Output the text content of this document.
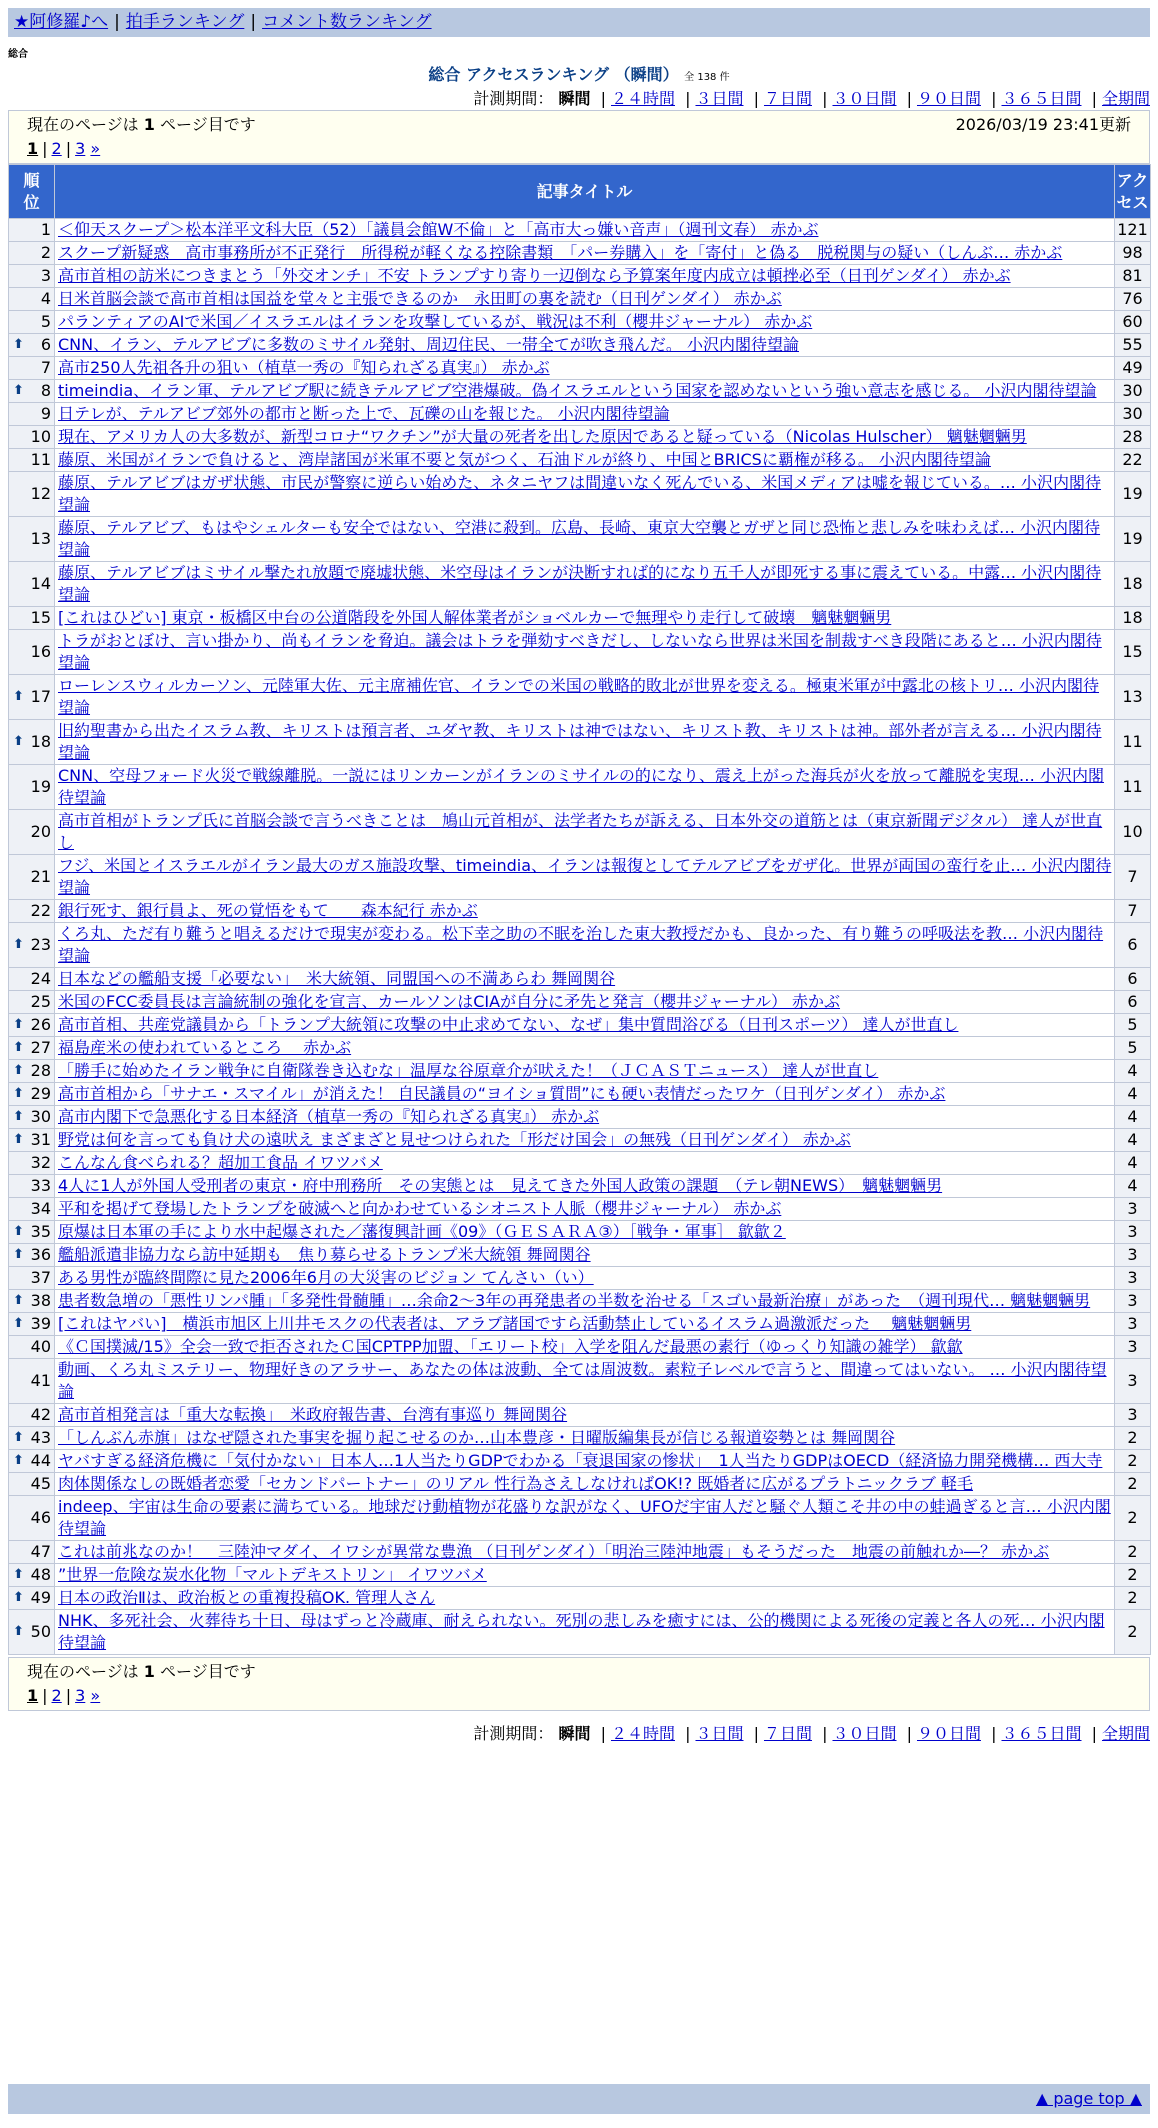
★阿修羅♪へ | 拍手ランキング | コメント数ランキング
総合
総合 アクセスランキング （瞬間） 全 138 件
計測期間： 瞬間 | ２４時間 | ３日間 | ７日間 | ３０日間 | ９０日間 | ３６５日間 | 全期間
現在のページは 1 ページ目です	2026/03/19 23:41更新
1 | 2 | 3 »
順位	記事タイトル	アクセス
1	＜仰天スクープ＞松本洋平文科大臣（52）「議員会館W不倫」と「高市大っ嫌い音声」（週刊文春） 赤かぶ	121
2	スクープ新疑惑　高市事務所が不正発行　所得税が軽くなる控除書類　「パー券購入」を「寄付」と偽る　脱税関与の疑い（しんぶ… 赤かぶ	98
3	高市首相の訪米につきまとう「外交オンチ」不安 トランプすり寄り一辺倒なら予算案年度内成立は頓挫必至（日刊ゲンダイ） 赤かぶ	81
4	日米首脳会談で高市首相は国益を堂々と主張できるのか　永田町の裏を読む（日刊ゲンダイ） 赤かぶ	76
5	パランティアのAIで米国／イスラエルはイランを攻撃しているが、戦況は不利（櫻井ジャーナル） 赤かぶ	60

⬆ 6	CNN、イラン、テルアビブに多数のミサイル発射、周辺住民、一帯全てが吹き飛んだ。 小沢内閣待望論	55
7	高市250人先祖各升の狙い（植草一秀の『知られざる真実』） 赤かぶ	49

⬆ 8	timeindia、イラン軍、テルアビブ駅に続きテルアビブ空港爆破。偽イスラエルという国家を認めないという強い意志を感じる。 小沢内閣待望論	30
9	日テレが、テルアビブ郊外の都市と断った上で、瓦礫の山を報じた。 小沢内閣待望論	30
10	現在、アメリカ人の大多数が、新型コロナ“ワクチン”が大量の死者を出した原因であると疑っている（Nicolas Hulscher） 魑魅魍魎男	28
11	藤原、米国がイランで負けると、湾岸諸国が米軍不要と気がつく、石油ドルが終り、中国とBRICSに覇権が移る。 小沢内閣待望論	22
12	藤原、テルアビブはガザ状態、市民が警察に逆らい始めた、ネタニヤフは間違いなく死んでいる、米国メディアは嘘を報じている。… 小沢内閣待望論	19
13	藤原、テルアビブ、もはやシェルターも安全ではない、空港に殺到。広島、長崎、東京大空襲とガザと同じ恐怖と悲しみを味わえば… 小沢内閣待望論	19
14	藤原、テルアビブはミサイル撃たれ放題で廃墟状態、米空母はイランが決断すれば的になり五千人が即死する事に震えている。中露… 小沢内閣待望論	18
15	[これはひどい] 東京・板橋区中台の公道階段を外国人解体業者がショベルカーで無理やり走行して破壊　魑魅魍魎男	18
16	トラがおとぼけ、言い掛かり、尚もイランを脅迫。議会はトラを弾劾すべきだし、しないなら世界は米国を制裁すべき段階にあると… 小沢内閣待望論	15

⬆ 17	ローレンスウィルカーソン、元陸軍大佐、元主席補佐官、イランでの米国の戦略的敗北が世界を変える。極東米軍が中露北の核トリ… 小沢内閣待望論	13

⬆ 18	旧約聖書から出たイスラム教、キリストは預言者、ユダヤ教、キリストは神ではない、キリスト教、キリストは神。部外者が言える… 小沢内閣待望論	11
19	CNN、空母フォード火災で戦線離脱。一説にはリンカーンがイランのミサイルの的になり、震え上がった海兵が火を放って離脱を実現… 小沢内閣待望論	11
20	高市首相がトランプ氏に首脳会談で言うべきことは　鳩山元首相が、法学者たちが訴える、日本外交の道筋とは（東京新聞デジタル） 達人が世直し	10
21	フジ、米国とイスラエルがイラン最大のガス施設攻撃、timeindia、イランは報復としてテルアビブをガザ化。世界が両国の蛮行を止… 小沢内閣待望論	7
22	銀行死す、銀行員よ、死の覚悟をもて　　森本紀行 赤かぶ	7

⬆ 23	くろ丸、ただ有り難うと唱えるだけで現実が変わる。松下幸之助の不眠を治した東大教授だかも、良かった、有り難うの呼吸法を教… 小沢内閣待望論	6
24	日本などの艦船支援「必要ない」　米大統領、同盟国への不満あらわ 舞岡関谷	6
25	米国のFCC委員長は言論統制の強化を宣言、カールソンはCIAが自分に矛先と発言（櫻井ジャーナル） 赤かぶ	6

⬆ 26	高市首相、共産党議員から「トランプ大統領に攻撃の中止求めてない、なぜ」集中質問浴びる（日刊スポーツ） 達人が世直し	5

⬆ 27	福島産米の使われているところ　 赤かぶ	5

⬆ 28	「勝手に始めたイラン戦争に自衛隊巻き込むな」温厚な谷原章介が吠えた！（ＪＣＡＳＴニュース） 達人が世直し	4

⬆ 29	高市首相から「サナエ・スマイル」が消えた！ 自民議員の“ヨイショ質問”にも硬い表情だったワケ（日刊ゲンダイ） 赤かぶ	4

⬆ 30	高市内閣下で急悪化する日本経済（植草一秀の『知られざる真実』） 赤かぶ	4

⬆ 31	野党は何を言っても負け犬の遠吠え まざまざと見せつけられた「形だけ国会」の無残（日刊ゲンダイ） 赤かぶ	4
32	こんなん食べられる？超加工食品 イワツバメ	4
33	4人に1人が外国人受刑者の東京・府中刑務所　その実態とは　見えてきた外国人政策の課題　（テレ朝NEWS）　魑魅魍魎男	4
34	平和を掲げて登場したトランプを破滅へと向かわせているシオニスト人脈（櫻井ジャーナル） 赤かぶ	3

⬆ 35	原爆は日本軍の手により水中起爆された／藩復興計画《09》（ＧＥＳＡＲＡ③）［戦争・軍事］ 歙歙２	3

⬆ 36	艦船派遣非協力なら訪中延期も　焦り募らせるトランプ米大統領 舞岡関谷	3
37	ある男性が臨終間際に見た2006年6月の大災害のビジョン てんさい（い）	3

⬆ 38	患者数急増の「悪性リンパ腫」「多発性骨髄腫」…余命2～3年の再発患者の半数を治せる「スゴい最新治療」があった　（週刊現代… 魑魅魍魎男	3

⬆ 39	[これはヤバい]　横浜市旭区上川井モスクの代表者は、アラブ諸国ですら活動禁止しているイスラム過激派だった　 魑魅魍魎男	3
40	《Ｃ国撲滅/15》全会一致で拒否されたＣ国CPTPP加盟、「エリート校」入学を阻んだ最悪の素行（ゆっくり知識の雑学） 歙歙	3
41	動画、くろ丸ミステリー、物理好きのアラサー、あなたの体は波動、全ては周波数。素粒子レベルで言うと、間違ってはいない。 … 小沢内閣待望論	3
42	高市首相発言は「重大な転換」　米政府報告書、台湾有事巡り 舞岡関谷	3

⬆ 43	「しんぶん赤旗」はなぜ隠された事実を掘り起こせるのか…山本豊彦・日曜版編集長が信じる報道姿勢とは 舞岡関谷	2

⬆ 44	ヤバすぎる経済危機に「気付かない」日本人…1人当たりGDPでわかる「衰退国家の惨状」　1人当たりGDPはOECD（経済協力開発機構… 西大寺	2
45	肉体関係なしの既婚者恋愛「セカンドパートナー」のリアル 性行為さえしなければOK!? 既婚者に広がるプラトニックラブ 軽毛	2
46	indeep、宇宙は生命の要素に満ちている。地球だけ動植物が花盛りな訳がなく、UFOだ宇宙人だと騒ぐ人類こそ井の中の蛙過ぎると言… 小沢内閣待望論	2
47	これは前兆なのか！　三陸沖マダイ、イワシが異常な豊漁 （日刊ゲンダイ）「明治三陸沖地震」もそうだった　地震の前触れか―？ 赤かぶ	2

⬆ 48	”世界一危険な炭水化物「マルトデキストリン」 イワツバメ	2

⬆ 49	日本の政治Ⅱは、政治板との重複投稿OK. 管理人さん	2

⬆ 50	NHK、多死社会、火葬待ち十日、母はずっと冷蔵庫、耐えられない。死別の悲しみを癒すには、公的機関による死後の定義と各人の死… 小沢内閣待望論	2
現在のページは 1 ページ目です
1 | 2 | 3 »
計測期間： 瞬間 | ２４時間 | ３日間 | ７日間 | ３０日間 | ９０日間 | ３６５日間 | 全期間
▲ page top ▲
